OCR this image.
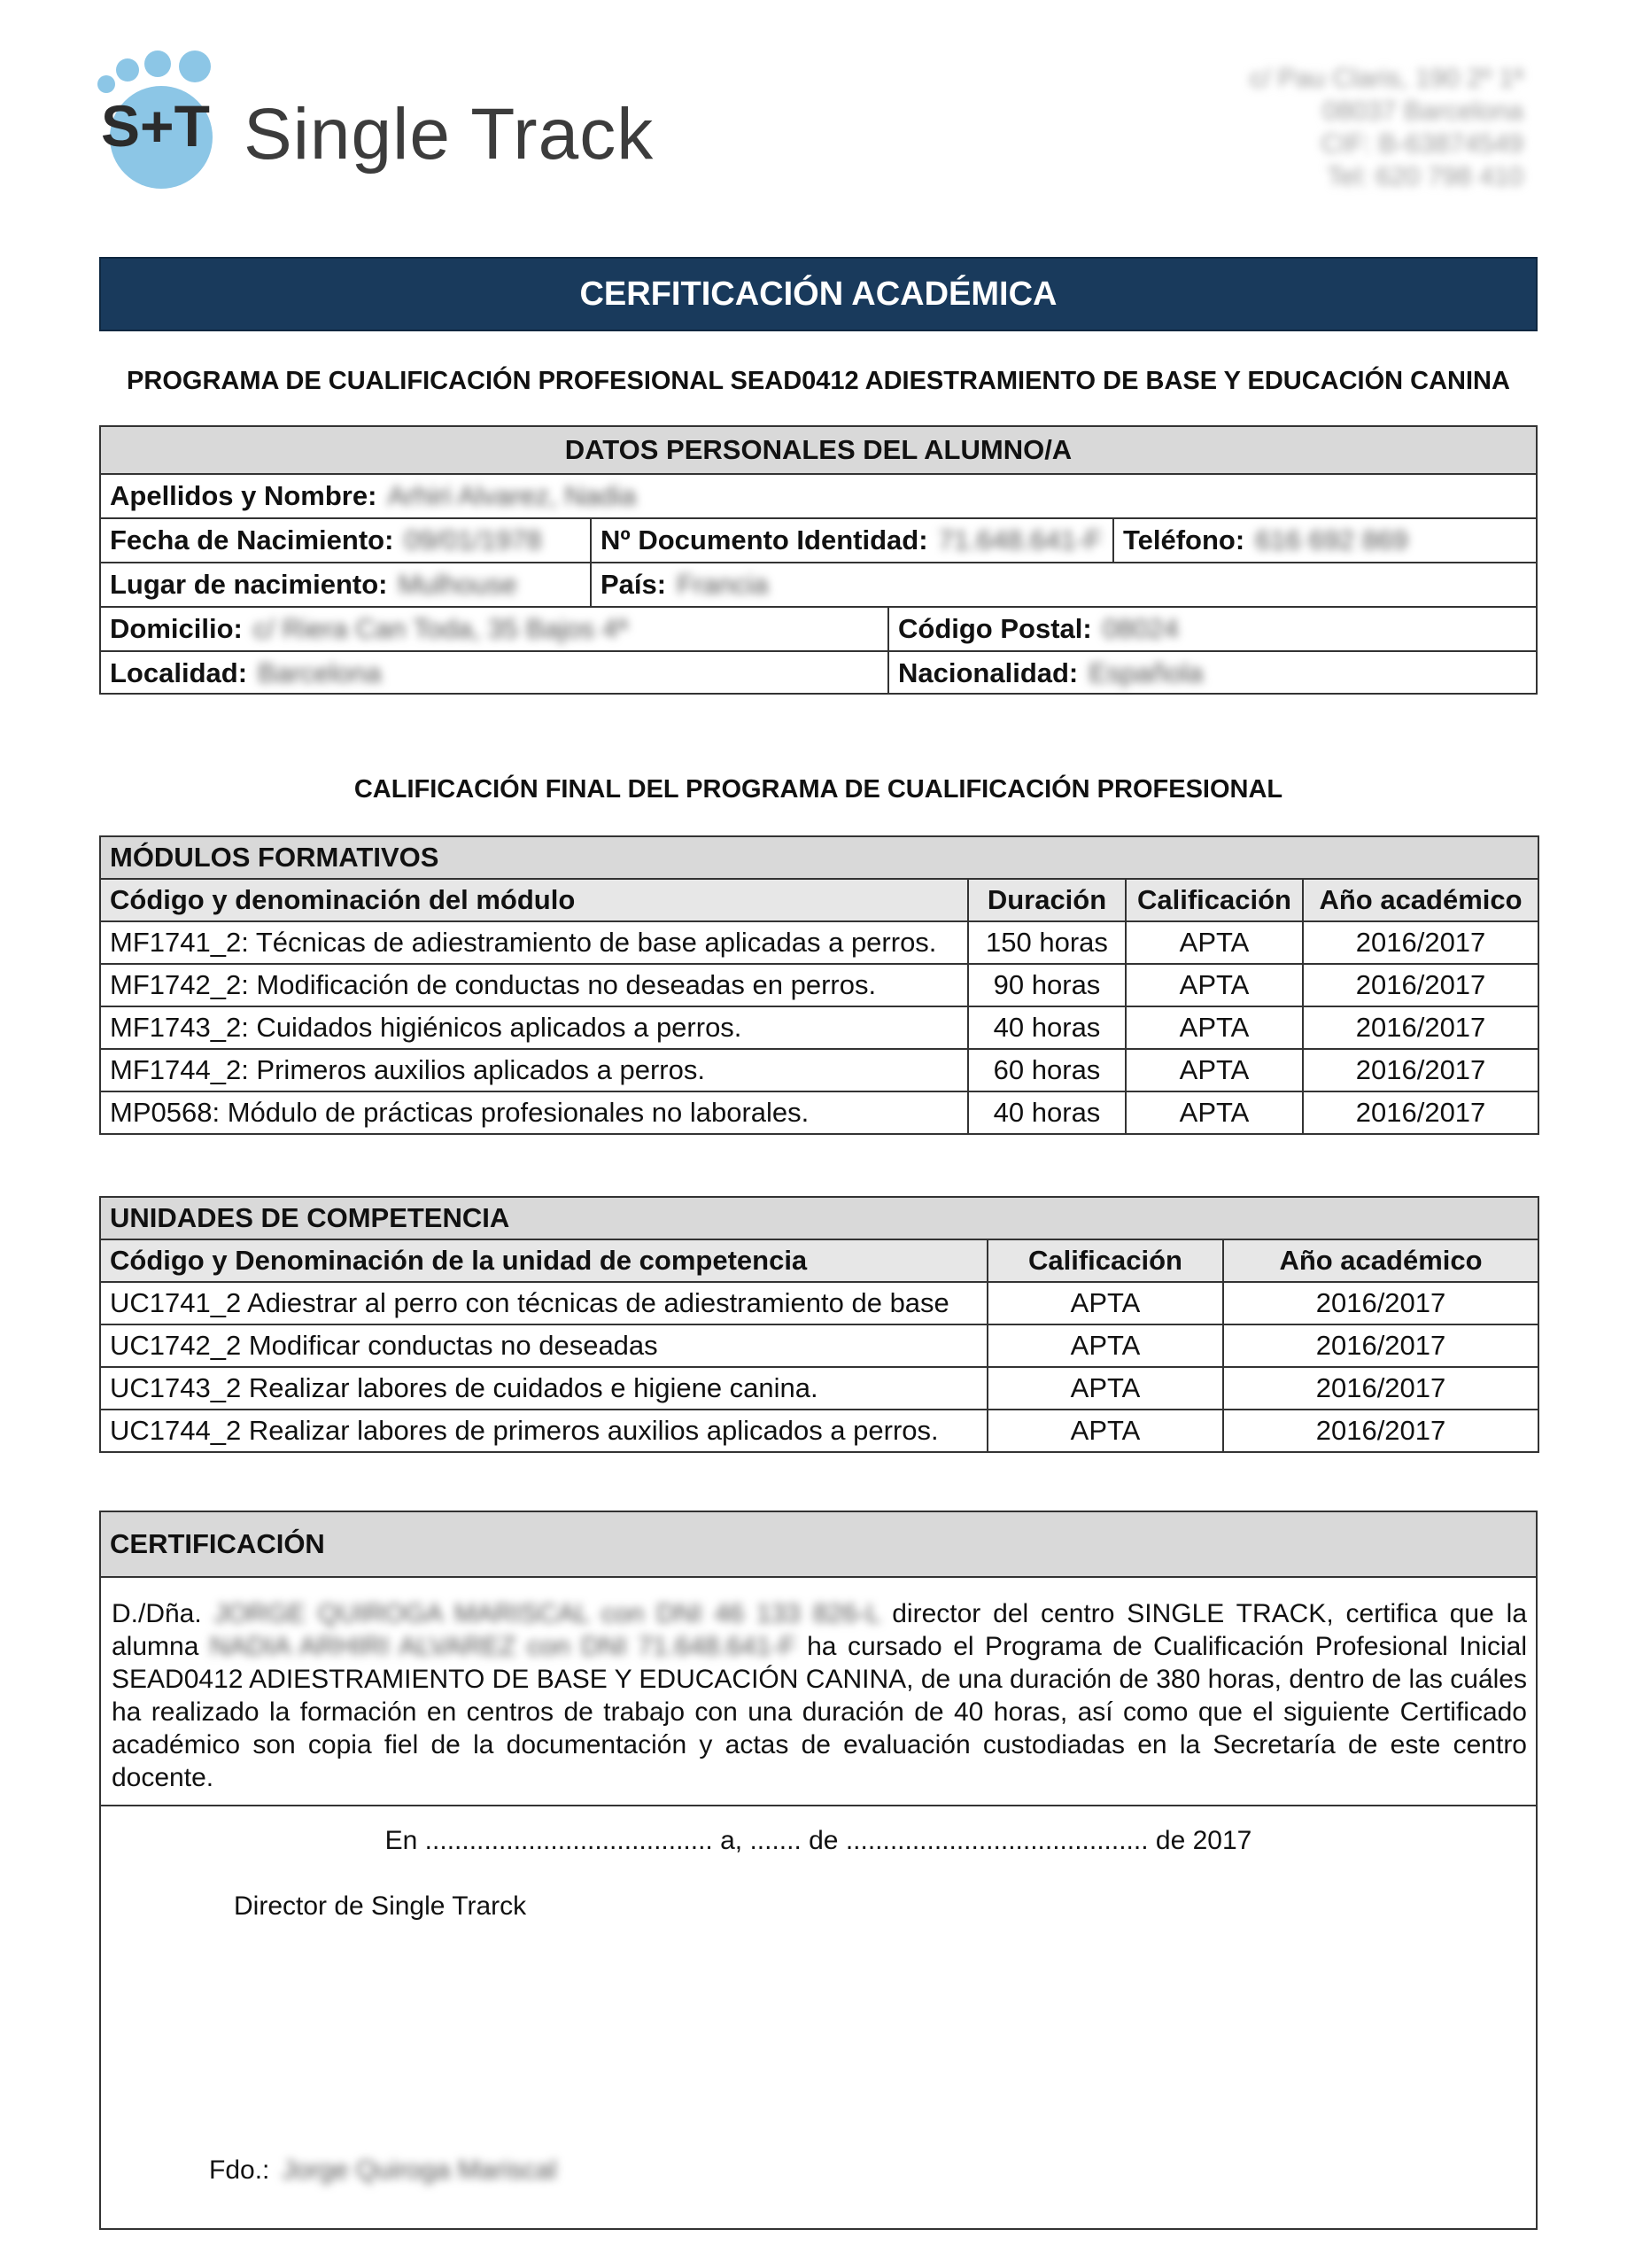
S+T Single Track
c/ Pau Claris, 190 2º 1ª
08037 Barcelona
CIF: B-63874549
Tel: 620 798 410
CERFITICACIÓN ACADÉMICA
PROGRAMA DE CUALIFICACIÓN PROFESIONAL SEAD0412 ADIESTRAMIENTO DE BASE Y EDUCACIÓN CANINA
DATOS PERSONALES DEL ALUMNO/A
Apellidos y Nombre: Arhiri Alvarez, Nadia
Fecha de Nacimiento: 09/01/1978 Nº Documento Identidad: 71.648.641-F Teléfono: 616 692 869
Lugar de nacimiento: Mulhouse	País: Francia
Domicilio: c/ Riera Can Toda, 35 Bajos 4ª	Código Postal: 08024
Localidad: Barcelona	Nacionalidad: Española
CALIFICACIÓN FINAL DEL PROGRAMA DE CUALIFICACIÓN PROFESIONAL
MÓDULOS FORMATIVOS			
Código y denominación del módulo	Duración	Calificación	Año académico
MF1741_2: Técnicas de adiestramiento de base aplicadas a perros.	150 horas	APTA	2016/2017
MF1742_2: Modificación de conductas no deseadas en perros.	90 horas	APTA	2016/2017
MF1743_2: Cuidados higiénicos aplicados a perros.	40 horas	APTA	2016/2017
MF1744_2: Primeros auxilios aplicados a perros.	60 horas	APTA	2016/2017
MP0568: Módulo de prácticas profesionales no laborales.	40 horas	APTA	2016/2017
UNIDADES DE COMPETENCIA		
Código y Denominación de la unidad de competencia	Calificación	Año académico
UC1741_2 Adiestrar al perro con técnicas de adiestramiento de base	APTA	2016/2017
UC1742_2 Modificar conductas no deseadas	APTA	2016/2017
UC1743_2 Realizar labores de cuidados e higiene canina.	APTA	2016/2017
UC1744_2 Realizar labores de primeros auxilios aplicados a perros.	APTA	2016/2017
CERTIFICACIÓN
D./Dña. JORGE QUIROGA MARISCAL con DNI 46 133 826-L director del centro SINGLE TRACK, certifica que la alumna NADIA ARHIRI ALVAREZ con DNI 71.648.641-F ha cursado el Programa de Cualificación Profesional Inicial SEAD0412 ADIESTRAMIENTO DE BASE Y EDUCACIÓN CANINA, de una duración de 380 horas, dentro de las cuáles ha realizado la formación en centros de trabajo con una duración de 40 horas, así como que el siguiente Certificado académico son copia fiel de la documentación y actas de evaluación custodiadas en la Secretaría de este centro docente.
En ....................................... a, ....... de ......................................... de 2017
Director de Single Trarck
Fdo.: Jorge Quiroga Mariscal
